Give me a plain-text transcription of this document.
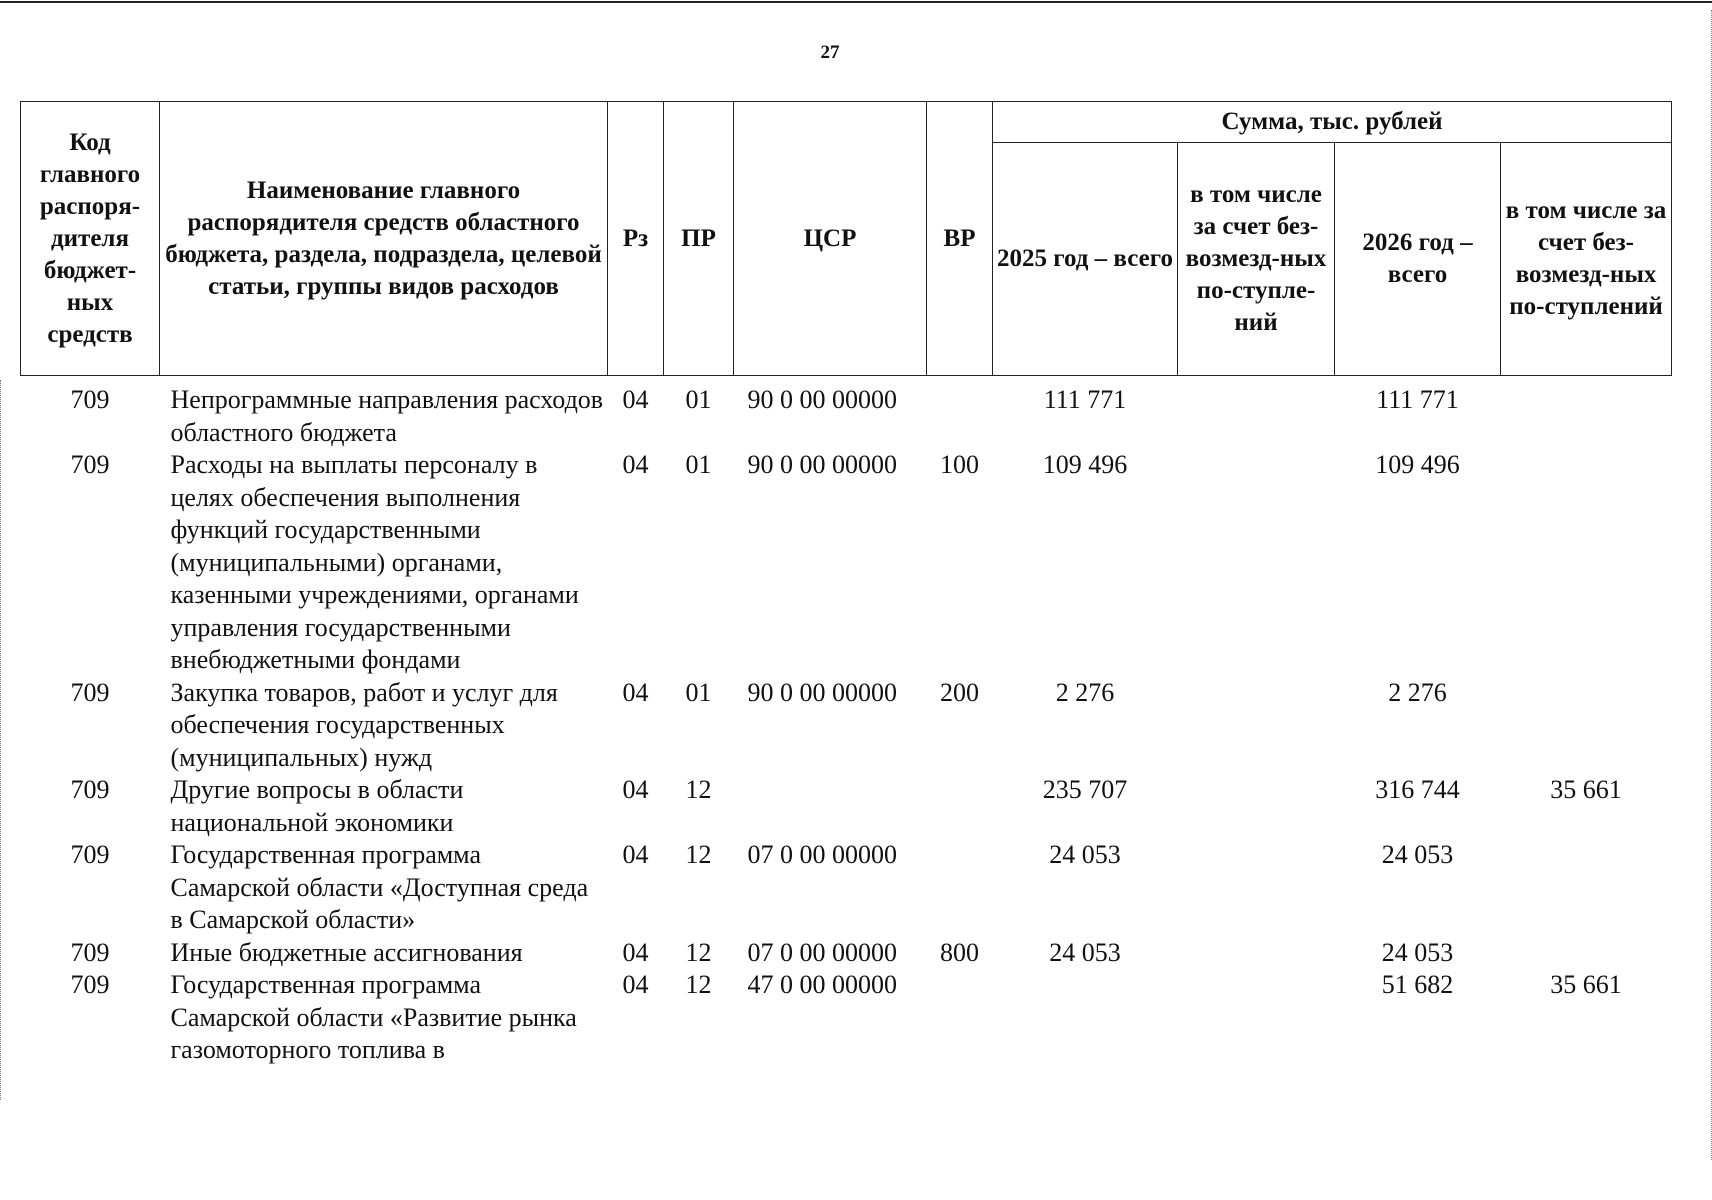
27
Код главного распоря-дителя бюджет-ных средств	Наименование главного распорядителя средств областного бюджета, раздела, подраздела, целевой статьи, группы видов расходов	Рз	ПР	ЦСР	ВР	Сумма, тыс. рублей			
						2025 год – всего	в том числе за счет без-возмезд-ных по-ступле-ний	2026 год – всего	в том числе за счет без-возмезд-ных по-ступлений
709	Непрограммные направления расходов областного бюджета	04	01	90 0 00 00000		111 771		111 771	
709	Расходы на выплаты персоналу в целях обеспечения выполнения функций государственными (муниципальными) органами, казенными учреждениями, органами управления государственными внебюджетными фондами	04	01	90 0 00 00000	100	109 496		109 496	
709	Закупка товаров, работ и услуг для обеспечения государственных (муниципальных) нужд	04	01	90 0 00 00000	200	2 276		2 276	
709	Другие вопросы в области национальной экономики	04	12			235 707		316 744	35 661
709	Государственная программа Самарской области «Доступная среда в Самарской области»	04	12	07 0 00 00000		24 053		24 053	
709	Иные бюджетные ассигнования	04	12	07 0 00 00000	800	24 053		24 053	
709	Государственная программа Самарской области «Развитие рынка газомоторного топлива в	04	12	47 0 00 00000				51 682	35 661
